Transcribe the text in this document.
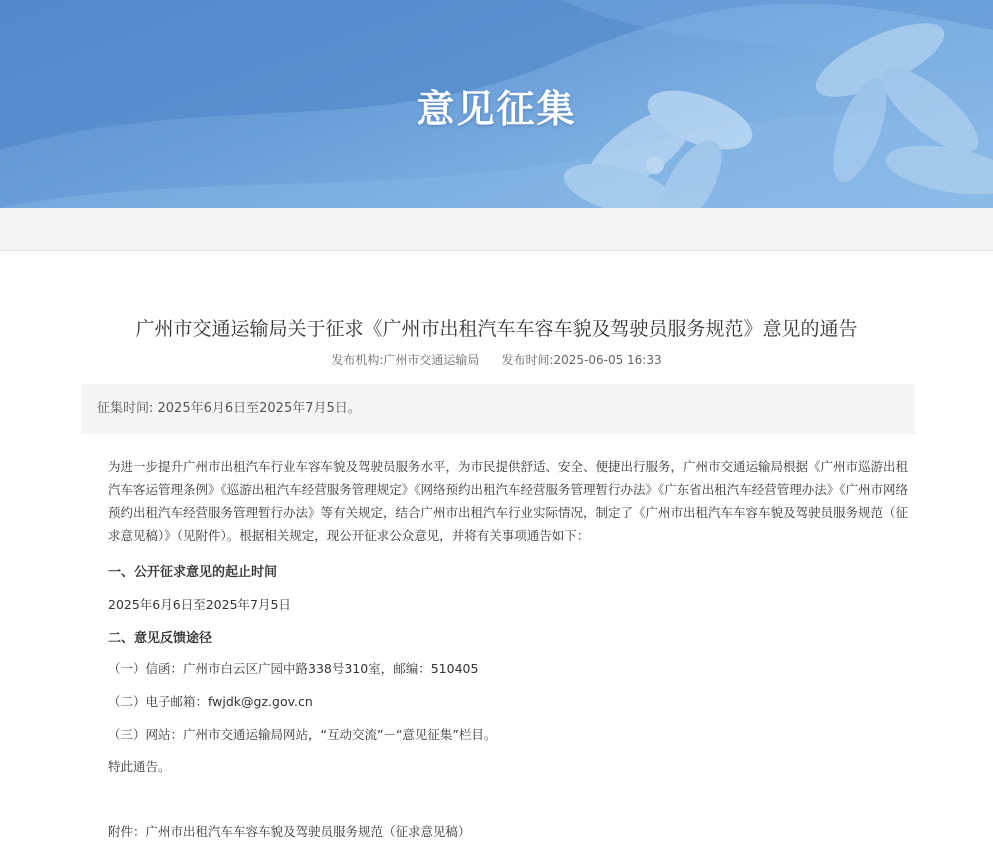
意见征集
广州市交通运输局关于征求《广州市出租汽车车容车貌及驾驶员服务规范》意见的通告
发布机构:广州市交通运输局 发布时间:2025-06-05 16:33
征集时间: 2025年6月6日至2025年7月5日。

为进一步提升广州市出租汽车行业车容车貌及驾驶员服务水平，为市民提供舒适、安全、便捷出行服务，广州市交通运输局根据《广州市巡游出租汽车客运管理条例》《巡游出租汽车经营服务管理规定》《网络预约出租汽车经营服务管理暂行办法》《广东省出租汽车经营管理办法》《广州市网络预约出租汽车经营服务管理暂行办法》等有关规定，结合广州市出租汽车行业实际情况，制定了《广州市出租汽车车容车貌及驾驶员服务规范（征求意见稿）》（见附件）。根据相关规定，现公开征求公众意见，并将有关事项通告如下：

一、公开征求意见的起止时间
2025年6月6日至2025年7月5日
二、意见反馈途径
（一）信函：广州市白云区广园中路338号310室，邮编：510405
（二）电子邮箱：fwjdk@gz.gov.cn
（三）网站：广州市交通运输局网站，“互动交流”－“意见征集”栏目。
特此通告。
附件：广州市出租汽车车容车貌及驾驶员服务规范（征求意见稿）
